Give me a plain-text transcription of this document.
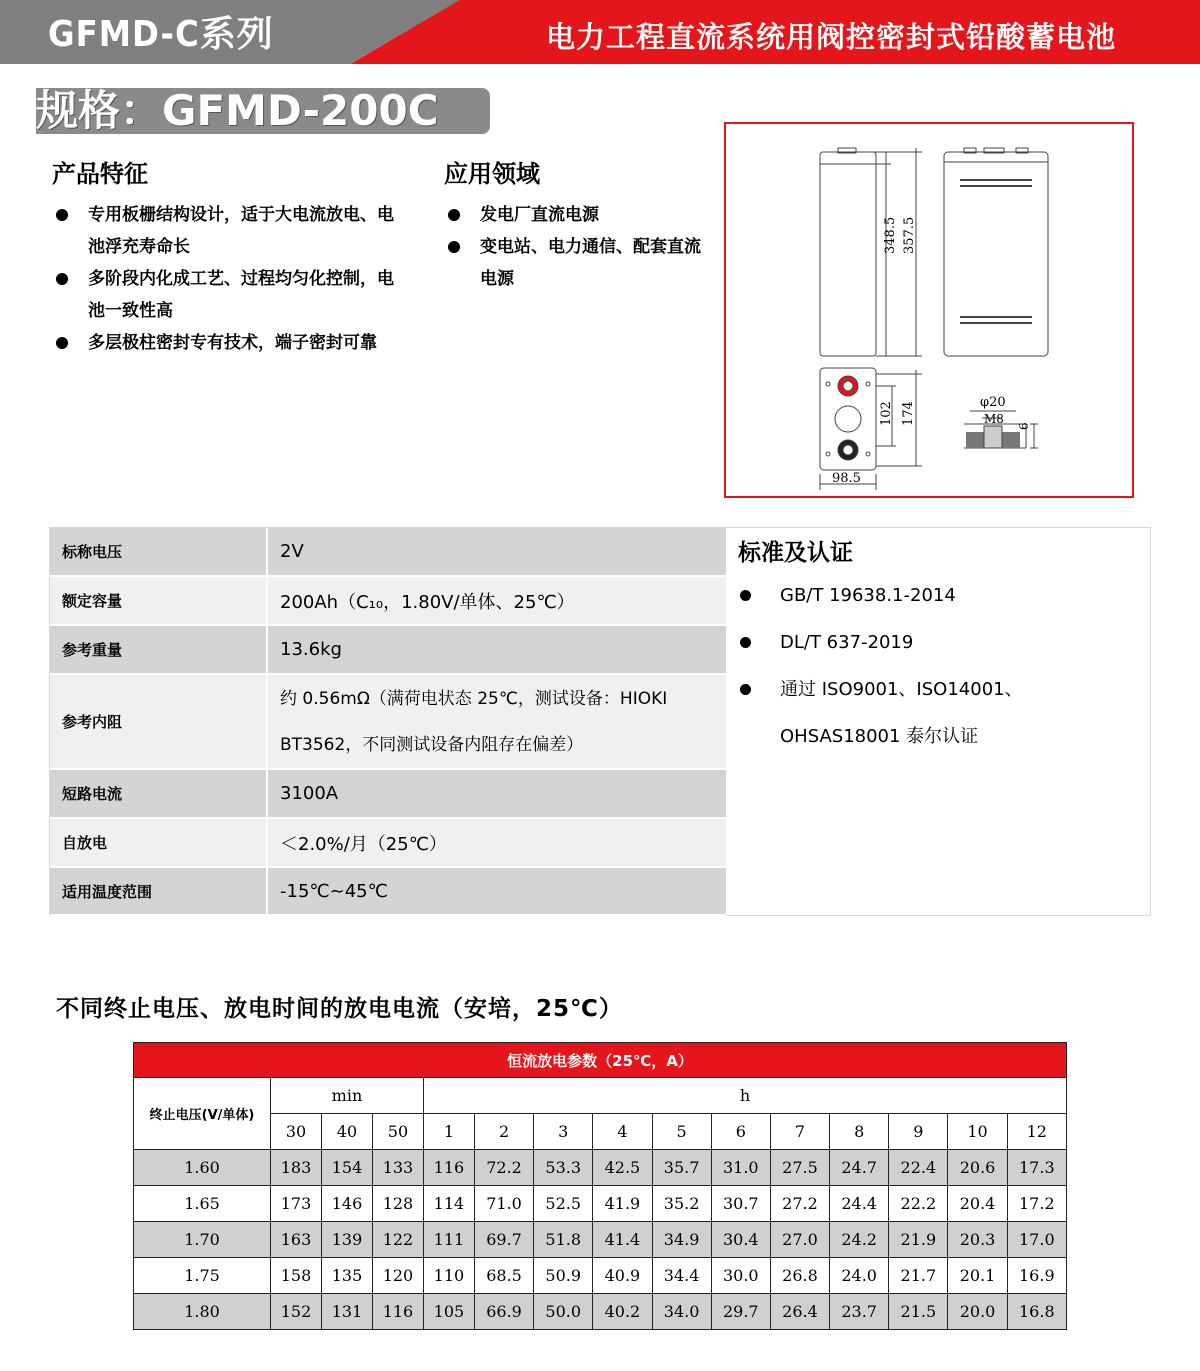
GFMD-C系列	电力工程直流系统用阀控密封式铅酸蓄电池
规格：GFMD-200C
产品特征
专用板栅结构设计，适于大电流放电、电池浮充寿命长
多阶段内化成工艺、过程均匀化控制，电池一致性高
多层极柱密封专有技术，端子密封可靠
应用领域
发电厂直流电源
变电站、电力通信、配套直流电源
348.5 357.5
102 174
98.5
φ20
M8
6
标称电压	2V
额定容量	200Ah（C₁₀，1.80V/单体、25℃）
参考重量	13.6kg
参考内阻	约 0.56mΩ（满荷电状态 25℃，测试设备：HIOKI BT3562，不同测试设备内阻存在偏差）
短路电流	3100A
自放电	＜2.0%/月（25℃）
适用温度范围	-15℃~45℃
标准及认证
GB/T 19638.1-2014
DL/T 637-2019
通过 ISO9001、ISO14001、OHSAS18001 泰尔认证
不同终止电压、放电时间的放电电流（安培，25℃）
恒流放电参数（25℃，A）														
终止电压(V/单体)	min			h										
	30	40	50	1	2	3	4	5	6	7	8	9	10	12
1.60	183	154	133	116	72.2	53.3	42.5	35.7	31.0	27.5	24.7	22.4	20.6	17.3
1.65	173	146	128	114	71.0	52.5	41.9	35.2	30.7	27.2	24.4	22.2	20.4	17.2
1.70	163	139	122	111	69.7	51.8	41.4	34.9	30.4	27.0	24.2	21.9	20.3	17.0
1.75	158	135	120	110	68.5	50.9	40.9	34.4	30.0	26.8	24.0	21.7	20.1	16.9
1.80	152	131	116	105	66.9	50.0	40.2	34.0	29.7	26.4	23.7	21.5	20.0	16.8
